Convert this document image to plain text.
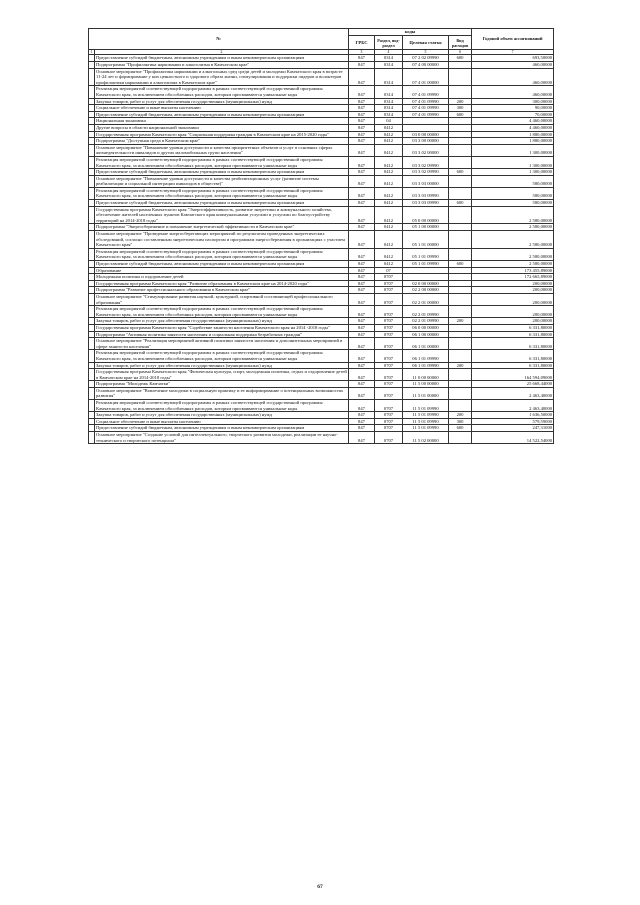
№		коды				Годовой объем ассигнований
		ГРБС	Раздел, под-раздел	Целевая статья	Вид расходов	
1	2	3	4	5	6	7
	Предоставление субсидий бюджетным, автономным учреждениям и иным некоммерческим организациям	847	0314	07 2 02 09990	600	693,50000
	Подпрограмма "Профилактика наркомании и алкоголизма в Камчатском крае"	847	0314	07 4 00 00000		460,00000
	Основное мероприятие "Профилактика наркомании и алкогольных сред среди детей и молодежи Камчатского края в возрасте 11-24 лет и формирование у них ценностного и здорового образа жизни, стимулирования и поддержки лидеров и волонтеров профилактики наркомании и алкоголизма в Камчатском крае"	847	0314	07 4 01 00000		460,00000
	Реализация мероприятий соответствующей подпрограммы в рамках соответствующей государственной программы Камчатского края, за исключением обособленных расходов, которым присваиваются уникальные коды	847	0314	07 4 01 09990		460,00000
	Закупка товаров, работ и услуг для обеспечения государственных (муниципальных) нужд	847	0314	07 4 01 09990	200	300,00000
	Социальное обеспечение и иные выплаты населению	847	0314	07 4 01 09990	300	90,00000
	Предоставление субсидий бюджетным, автономным учреждениям и иным некоммерческим организациям	847	0314	07 4 01 09990	600	70,00000
	Национальная экономика	847	04			4 460,00000
	Другие вопросы в области национальной экономики	847	0412			4 460,00000
	Государственная программа Камчатского края "Социальная поддержка граждан в Камчатском крае на 2015-2020 годы"	847	0412	03 0 00 00000		1 880,00000
	Подпрограмма "Доступная среда в Камчатском крае"	847	0412	03 3 00 00000		1 880,00000
	Основное мероприятие "Повышение уровня доступности и качества приоритетных объектов и услуг в основных сферах жизнедеятельности инвалидов и других маломобильных групп населения"	847	0412	03 3 02 00000		1 300,00000
	Реализация мероприятий соответствующей подпрограммы в рамках соответствующей государственной программы Камчатского края, за исключением обособленных расходов, которым присваиваются уникальные коды	847	0412	03 3 02 09990		1 300,00000
	Предоставление субсидий бюджетным, автономным учреждениям и иным некоммерческим организациям	847	0412	03 3 02 09990	600	1 300,00000
	Основное мероприятие "Повышение уровня доступности и качества реабилитационных услуг (развитие системы реабилитации и социальной интеграции инвалидов в обществе)"	847	0412	03 3 03 00000		580,00000
	Реализация мероприятий соответствующей подпрограммы в рамках соответствующей государственной программы Камчатского края, за исключением обособленных расходов, которым присваиваются уникальные коды	847	0412	03 3 03 09990		580,00000
	Предоставление субсидий бюджетным, автономным учреждениям и иным некоммерческим организациям	847	0412	03 3 03 09990	600	580,00000
	Государственная программа Камчатского края "Энергоэффективность, развитие энергетики и коммунального хозяйства, обеспечение жителей населенных пунктов Камчатского края коммунальными услугами и услугами по благоустройству территорий на 2014-2018 годы"	847	0412	05 0 00 00000		2 580,00000
	Подпрограмма "Энергосбережение и повышение энергетической эффективности в Камчатском крае"	847	0412	05 1 00 00000		2 580,00000
	Основное мероприятие "Проведение энергосберегающих мероприятий по результатам проведенных энергетических обследований, согласно составленным энергетическим паспортам и программам энергосбережения в организациях с участием Камчатского края"	847	0412	05 1 01 00000		2 580,00000
	Реализация мероприятий соответствующей подпрограммы в рамках соответствующей государственной программы Камчатского края, за исключением обособленных расходов, которым присваиваются уникальные коды	847	0412	05 1 01 09990		2 580,00000
	Предоставление субсидий бюджетным, автономным учреждениям и иным некоммерческим организациям	847	0412	05 1 01 09990	600	2 580,00000
	Образование	847	07			173 455,89000
	Молодежная политика и оздоровление детей	847	0707			172 665,89000
	Государственная программа Камчатского края "Развитие образования в Камчатском крае на 2014-2020 годы"	847	0707	02 0 00 00000		200,00000
	Подпрограмма "Развитие профессионального образования в Камчатском крае"	847	0707	02 2 00 00000		200,00000
	Основное мероприятие "Стимулирование развития научной, культурной, спортивной составляющей профессионального образования"	847	0707	02 2 01 00000		200,00000
	Реализация мероприятий соответствующей подпрограммы в рамках соответствующей государственной программы Камчатского края, за исключением обособленных расходов, которым присваиваются уникальные коды	847	0707	02 2 01 09990		200,00000
	Закупка товаров, работ и услуг для обеспечения государственных (муниципальных) нужд	847	0707	02 2 01 09990	200	200,00000
	Государственная программа Камчатского края "Содействие занятости населения Камчатского края на 2014 -2018 годы"	847	0707	06 0 00 00000		6 331,80000
	Подпрограмма "Активная политика занятости населения и социальная поддержка безработных граждан"	847	0707	06 1 00 00000		6 331,80000
	Основное мероприятие "Реализация мероприятий активной политики занятости населения и дополнительных мероприятий в сфере занятости населения"	847	0707	06 1 01 00000		6 331,80000
	Реализация мероприятий соответствующей подпрограммы в рамках соответствующей государственной программы Камчатского края, за исключением обособленных расходов, которым присваиваются уникальные коды	847	0707	06 1 01 09990		6 331,80000
	Закупка товаров, работ и услуг для обеспечения государственных (муниципальных) нужд	847	0707	06 1 01 09990	200	6 331,80000
	Государственная программа Камчатского края "Физическая культура, спорт, молодежная политика, отдых и оздоровление детей в Камчатском крае на 2014-2018 годы"	847	0707	11 0 00 00000		164 594,09000
	Подпрограмма "Молодежь Камчатки"	847	0707	11 5 00 00000		25 668,44000
	Основное мероприятие "Вовлечение молодежи в социальную практику и ее информирование о потенциальных возможностях развития"	847	0707	11 5 01 00000		2 463,40000
	Реализация мероприятий соответствующей подпрограммы в рамках соответствующей государственной программы Камчатского края, за исключением обособленных расходов, которым присваиваются уникальные коды	847	0707	11 5 01 09990		2 463,40000
	Закупка товаров, работ и услуг для обеспечения государственных (муниципальных) нужд	847	0707	11 5 01 09990	200	1 636,50000
	Социальное обеспечение и иные выплаты населению	847	0707	11 5 01 09990	300	579,59000
	Предоставление субсидий бюджетным, автономным учреждениям и иным некоммерческим организациям	847	0707	11 5 01 09990	600	247,31000
	Основное мероприятие "Создание условий для интеллектуального, творческого развития молодежи, реализации ее научно-технического и творческого потенциала"	847	0707	11 5 02 00000		14 522,54000
67
